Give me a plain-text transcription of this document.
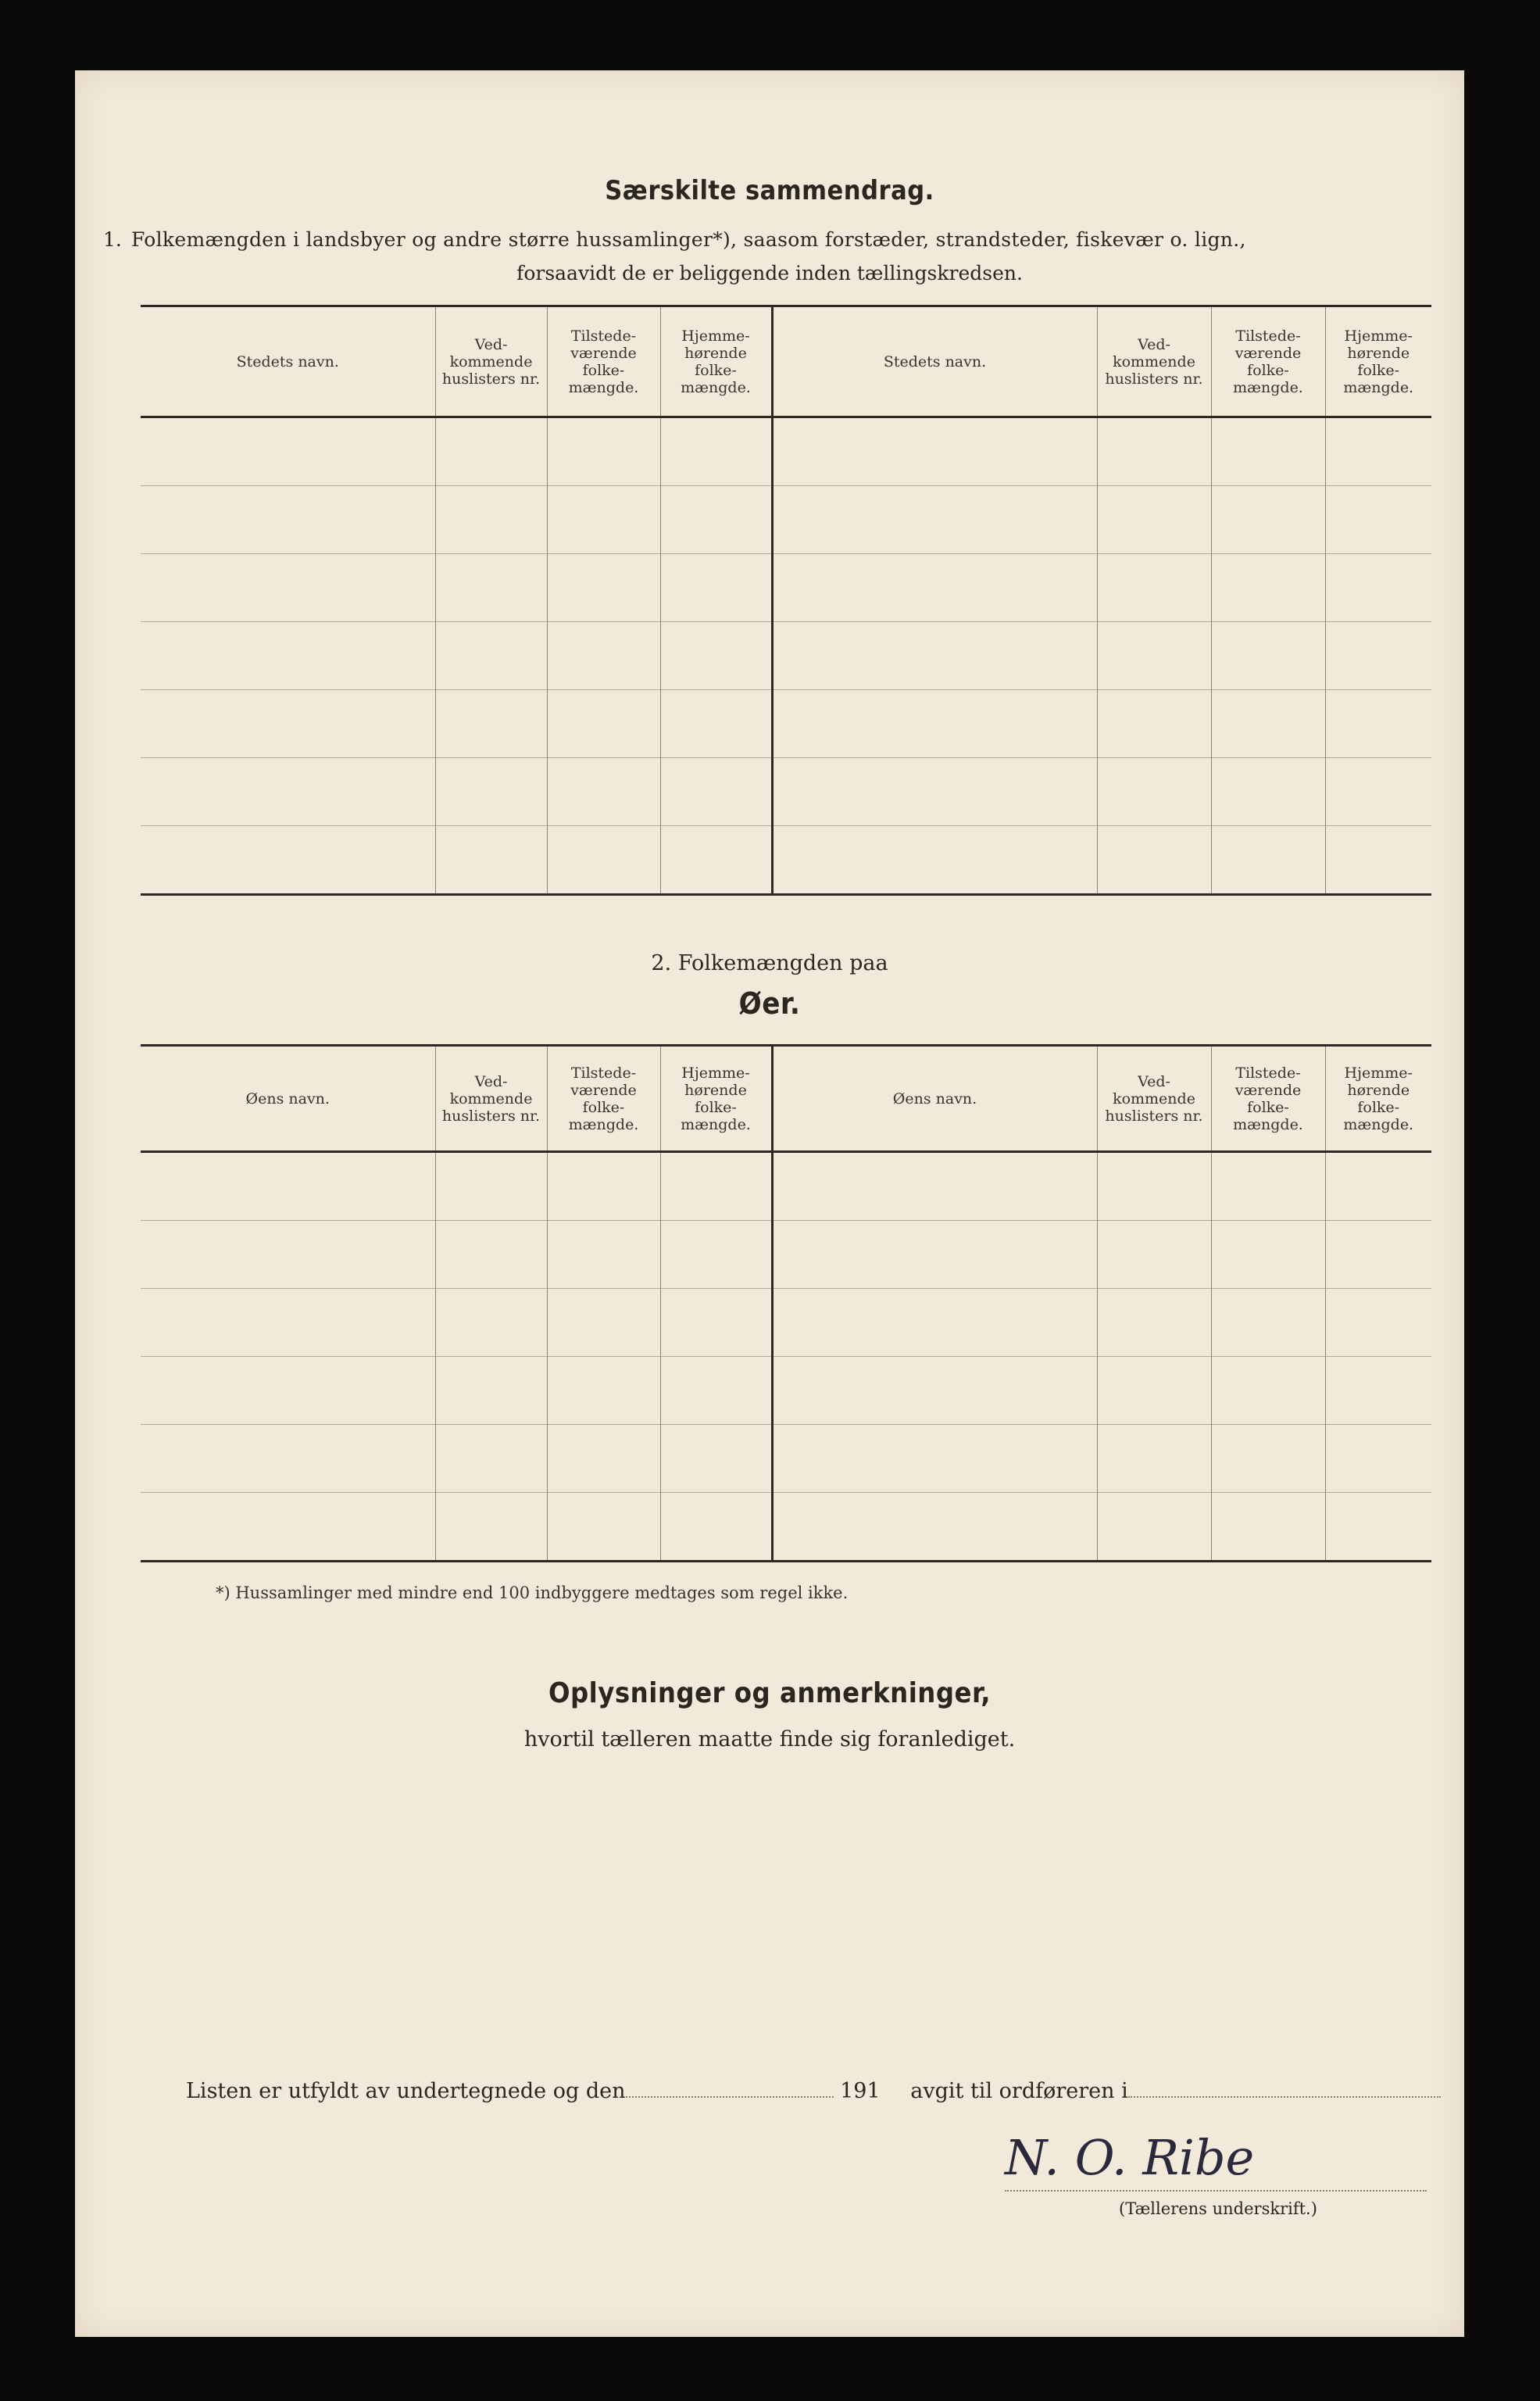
Særskilte sammendrag.
1. Folkemængden i landsbyer og andre større hussamlinger*), saasom forstæder, strandsteder, fiskevær o. lign.,
forsaavidt de er beliggende inden tællingskredsen.
Stedets navn.	Ved- kommende huslisters nr.	Tilstede- værende folke- mængde.	Hjemme- hørende folke- mængde.	Stedets navn.	Ved- kommende huslisters nr.	Tilstede- værende folke- mængde.	Hjemme- hørende folke- mængde.

2. Folkemængden paa
Øer.
Øens navn.	Ved- kommende huslisters nr.	Tilstede- værende folke- mængde.	Hjemme- hørende folke- mængde.	Øens navn.	Ved- kommende huslisters nr.	Tilstede- værende folke- mængde.	Hjemme- hørende folke- mængde.

*) Hussamlinger med mindre end 100 indbyggere medtages som regel ikke.
Oplysninger og anmerkninger,
hvortil tælleren maatte finde sig foranlediget.
Listen er utfyldt av undertegnede og den	191 avgit til ordføreren i
N. O. Ribe
(Tællerens underskrift.)
